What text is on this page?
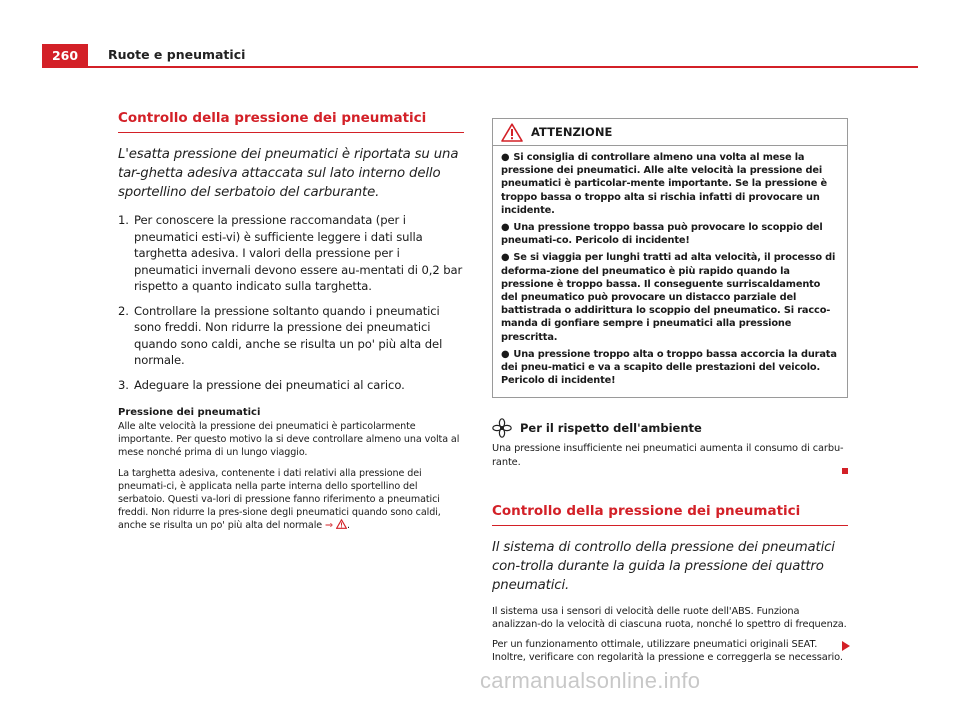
260	Ruote e pneumatici
Controllo della pressione dei pneumatici

L'esatta pressione dei pneumatici è riportata su una tar-ghetta adesiva attaccata sul lato interno dello sportellino del serbatoio del carburante.

1. Per conoscere la pressione raccomandata (per i pneumatici esti-vi) è sufficiente leggere i dati sulla targhetta adesiva. I valori della pressione per i pneumatici invernali devono essere au-mentati di 0,2 bar rispetto a quanto indicato sulla targhetta.
2. Controllare la pressione soltanto quando i pneumatici sono freddi. Non ridurre la pressione dei pneumatici quando sono caldi, anche se risulta un po' più alta del normale.
3. Adeguare la pressione dei pneumatici al carico.
Pressione dei pneumatici

Alle alte velocità la pressione dei pneumatici è particolarmente importante. Per questo motivo la si deve controllare almeno una volta al mese nonché prima di un lungo viaggio.

La targhetta adesiva, contenente i dati relativi alla pressione dei pneumati-ci, è applicata nella parte interna dello sportellino del serbatoio. Questi va-lori di pressione fanno riferimento a pneumatici freddi. Non ridurre la pres-sione degli pneumatici quando sono caldi, anche se risulta un po' più alta del normale ⇒ .

ATTENZIONE
● Si consiglia di controllare almeno una volta al mese la pressione dei pneumatici. Alle alte velocità la pressione dei pneumatici è particolar-mente importante. Se la pressione è troppo bassa o troppo alta si rischia infatti di provocare un incidente.
● Una pressione troppo bassa può provocare lo scoppio del pneumati-co. Pericolo di incidente!
● Se si viaggia per lunghi tratti ad alta velocità, il processo di deforma-zione del pneumatico è più rapido quando la pressione è troppo bassa. Il conseguente surriscaldamento del pneumatico può provocare un distacco parziale del battistrada o addirittura lo scoppio del pneumatico. Si racco-manda di gonfiare sempre i pneumatici alla pressione prescritta.
● Una pressione troppo alta o troppo bassa accorcia la durata dei pneu-matici e va a scapito delle prestazioni del veicolo. Pericolo di incidente!
Per il rispetto dell'ambiente

Una pressione insufficiente nei pneumatici aumenta il consumo di carbu-rante.

Controllo della pressione dei pneumatici

Il sistema di controllo della pressione dei pneumatici con-trolla durante la guida la pressione dei quattro pneumatici.

Il sistema usa i sensori di velocità delle ruote dell'ABS. Funziona analizzan-do la velocità di ciascuna ruota, nonché lo spettro di frequenza.

Per un funzionamento ottimale, utilizzare pneumatici originali SEAT. Inoltre, verificare con regolarità la pressione e correggerla se necessario.

carmanualsonline.info
